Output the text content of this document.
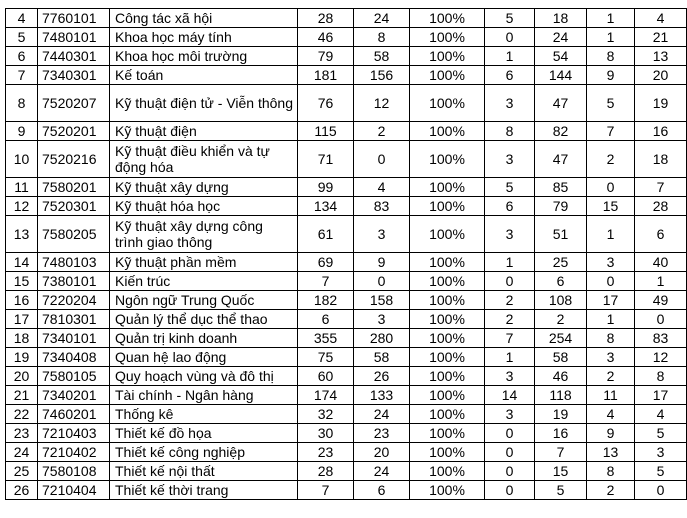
4	7760101	Công tác xã hội	28	24	100%	5	18	1	4
5	7480101	Khoa học máy tính	46	8	100%	0	24	1	21
6	7440301	Khoa học môi trường	79	58	100%	1	54	8	13
7	7340301	Kế toán	181	156	100%	6	144	9	20
8	7520207	Kỹ thuật điện tử - Viễn thông	76	12	100%	3	47	5	19
9	7520201	Kỹ thuật điện	115	2	100%	8	82	7	16
10	7520216	Kỹ thuật điều khiển và tự động hóa	71	0	100%	3	47	2	18
11	7580201	Kỹ thuật xây dựng	99	4	100%	5	85	0	7
12	7520301	Kỹ thuật hóa học	134	83	100%	6	79	15	28
13	7580205	Kỹ thuật xây dựng công trình giao thông	61	3	100%	3	51	1	6
14	7480103	Kỹ thuật phần mềm	69	9	100%	1	25	3	40
15	7380101	Kiến trúc	7	0	100%	0	6	0	1
16	7220204	Ngôn ngữ Trung Quốc	182	158	100%	2	108	17	49
17	7810301	Quản lý thể dục thể thao	6	3	100%	2	2	1	0
18	7340101	Quản trị kinh doanh	355	280	100%	7	254	8	83
19	7340408	Quan hệ lao động	75	58	100%	1	58	3	12
20	7580105	Quy hoạch vùng và đô thị	60	26	100%	3	46	2	8
21	7340201	Tài chính - Ngân hàng	174	133	100%	14	118	11	17
22	7460201	Thống kê	32	24	100%	3	19	4	4
23	7210403	Thiết kế đồ họa	30	23	100%	0	16	9	5
24	7210402	Thiết kế công nghiệp	23	20	100%	0	7	13	3
25	7580108	Thiết kế nội thất	28	24	100%	0	15	8	5
26	7210404	Thiết kế thời trang	7	6	100%	0	5	2	0
